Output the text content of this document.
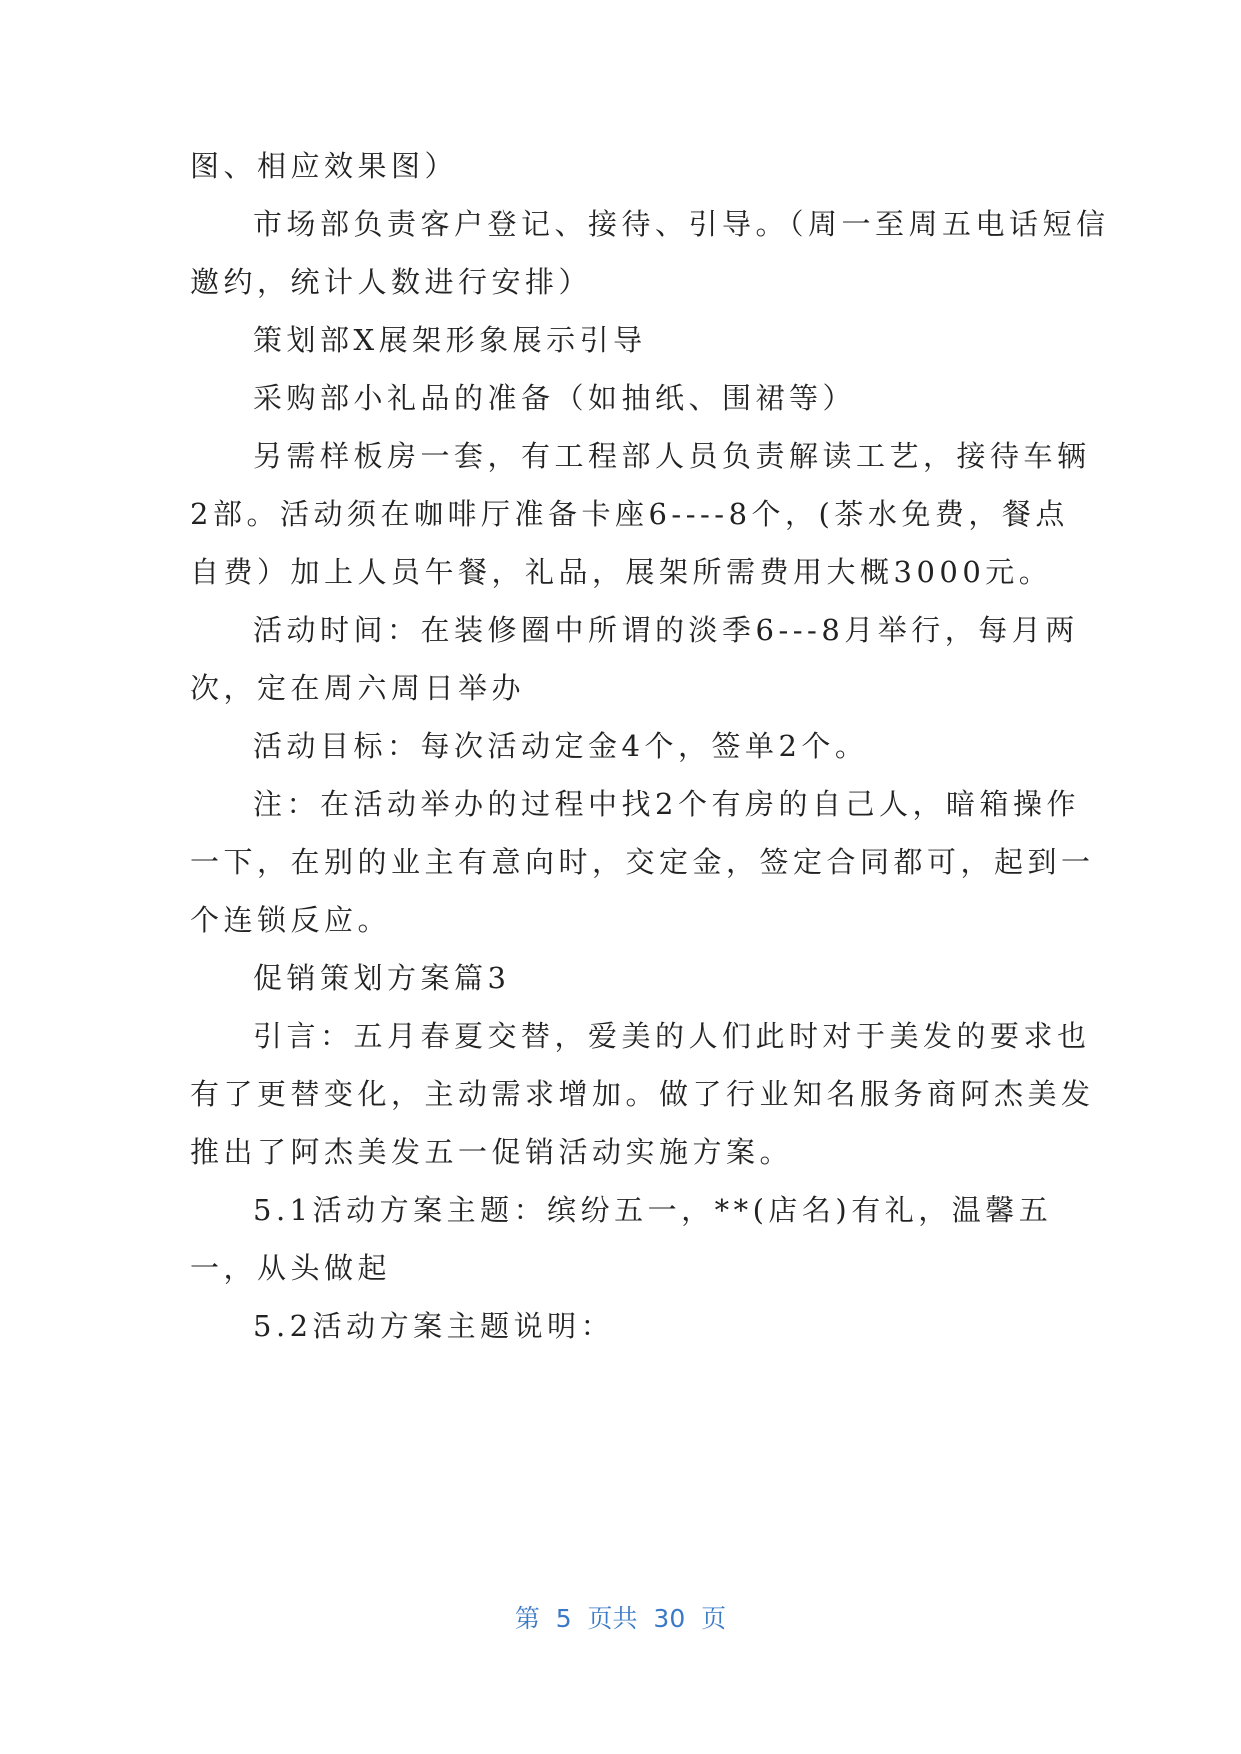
图、相应效果图）
市场部负责客户登记、接待、引导。（周一至周五电话短信
邀约，统计人数进行安排）
策划部X展架形象展示引导
采购部小礼品的准备（如抽纸、围裙等）
另需样板房一套，有工程部人员负责解读工艺，接待车辆
2部。活动须在咖啡厅准备卡座6----8个，(茶水免费，餐点
自费）加上人员午餐，礼品，展架所需费用大概3000元。
活动时间：在装修圈中所谓的淡季6---8月举行，每月两
次，定在周六周日举办
活动目标：每次活动定金4个，签单2个。
注：在活动举办的过程中找2个有房的自己人，暗箱操作
一下，在别的业主有意向时，交定金，签定合同都可，起到一
个连锁反应。
促销策划方案篇3
引言：五月春夏交替，爱美的人们此时对于美发的要求也
有了更替变化，主动需求增加。做了行业知名服务商阿杰美发
推出了阿杰美发五一促销活动实施方案。
5.1活动方案主题：缤纷五一，**(店名)有礼，温馨五
一，从头做起
5.2活动方案主题说明：
第  5  页共  30  页
